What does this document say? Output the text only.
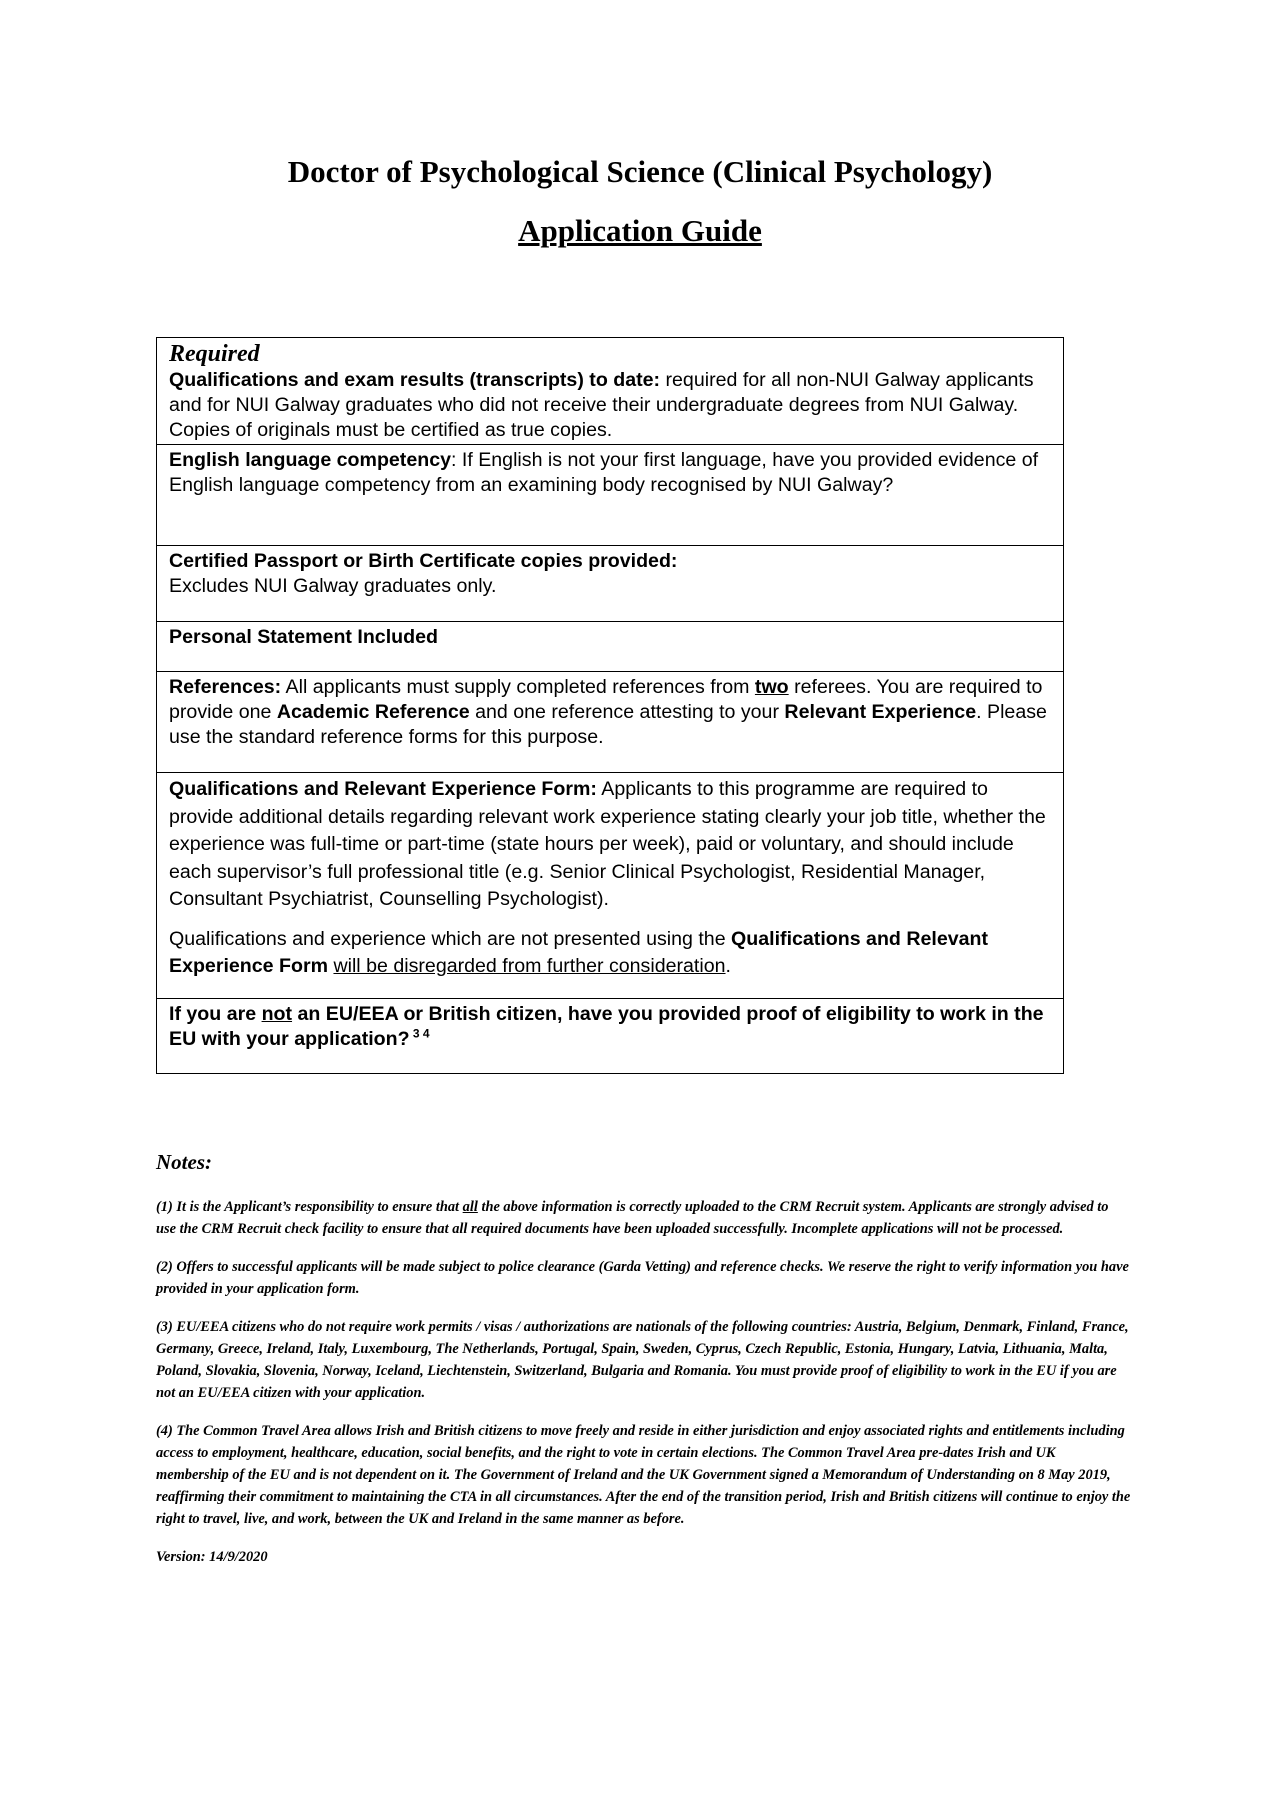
Doctor of Psychological Science (Clinical Psychology)
Application Guide
Required
Qualifications and exam results (transcripts) to date: required for all non-NUI Galway applicants and for NUI Galway graduates who did not receive their undergraduate degrees from NUI Galway. Copies of originals must be certified as true copies.
English language competency: If English is not your first language, have you provided evidence of English language competency from an examining body recognised by NUI Galway?
Certified Passport or Birth Certificate copies provided:
Excludes NUI Galway graduates only.
Personal Statement Included
References: All applicants must supply completed references from two referees. You are required to provide one Academic Reference and one reference attesting to your Relevant Experience. Please use the standard reference forms for this purpose.
Qualifications and Relevant Experience Form: Applicants to this programme are required to provide additional details regarding relevant work experience stating clearly your job title, whether the experience was full-time or part-time (state hours per week), paid or voluntary, and should include each supervisor’s full professional title (e.g. Senior Clinical Psychologist, Residential Manager, Consultant Psychiatrist, Counselling Psychologist).
Qualifications and experience which are not presented using the Qualifications and Relevant Experience Form will be disregarded from further consideration.
If you are not an EU/EEA or British citizen, have you provided proof of eligibility to work in the EU with your application? $^{3 4}$
Notes:

(1) It is the Applicant’s responsibility to ensure that all the above information is correctly uploaded to the CRM Recruit system. Applicants are strongly advised to use the CRM Recruit check facility to ensure that all required documents have been uploaded successfully. Incomplete applications will not be processed.

(2) Offers to successful applicants will be made subject to police clearance (Garda Vetting) and reference checks. We reserve the right to verify information you have provided in your application form.

(3) EU/EEA citizens who do not require work permits / visas / authorizations are nationals of the following countries: Austria, Belgium, Denmark, Finland, France, Germany, Greece, Ireland, Italy, Luxembourg, The Netherlands, Portugal, Spain, Sweden, Cyprus, Czech Republic, Estonia, Hungary, Latvia, Lithuania, Malta, Poland, Slovakia, Slovenia, Norway, Iceland, Liechtenstein, Switzerland, Bulgaria and Romania. You must provide proof of eligibility to work in the EU if you are not an EU/EEA citizen with your application.

(4) The Common Travel Area allows Irish and British citizens to move freely and reside in either jurisdiction and enjoy associated rights and entitlements including access to employment, healthcare, education, social benefits, and the right to vote in certain elections. The Common Travel Area pre-dates Irish and UK membership of the EU and is not dependent on it. The Government of Ireland and the UK Government signed a Memorandum of Understanding on 8 May 2019, reaffirming their commitment to maintaining the CTA in all circumstances. After the end of the transition period, Irish and British citizens will continue to enjoy the right to travel, live, and work, between the UK and Ireland in the same manner as before.

Version: 14/9/2020
